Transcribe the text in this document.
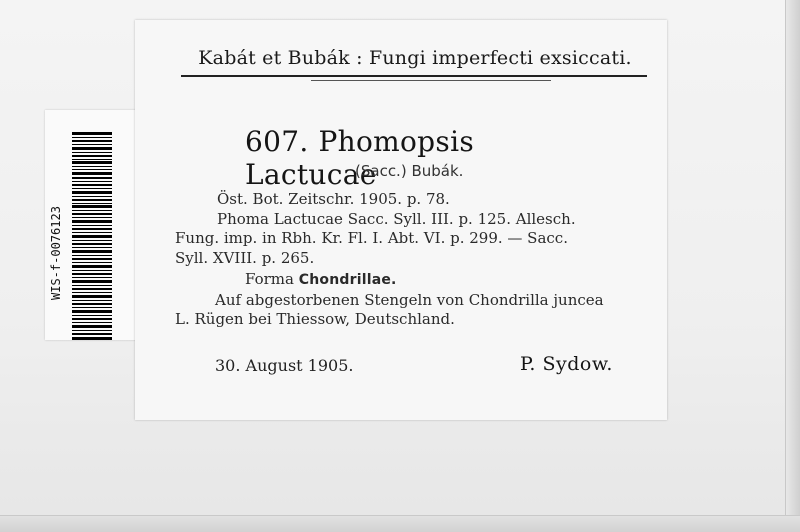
WIS-f-0076123
Kabát et Bubák : Fungi imperfecti exsiccati.
607. Phomopsis Lactucae
(Sacc.) Bubák.
Öst. Bot. Zeitschr. 1905. p. 78.
Phoma Lactucae Sacc. Syll. III. p. 125. Allesch.
Fung. imp. in Rbh. Kr. Fl. I. Abt. VI. p. 299. — Sacc.
Syll. XVIII. p. 265.
Forma Chondrillae.
Auf abgestorbenen Stengeln von Chondrilla juncea
L. Rügen bei Thiessow, Deutschland.
30. August 1905.	P. Sydow.
